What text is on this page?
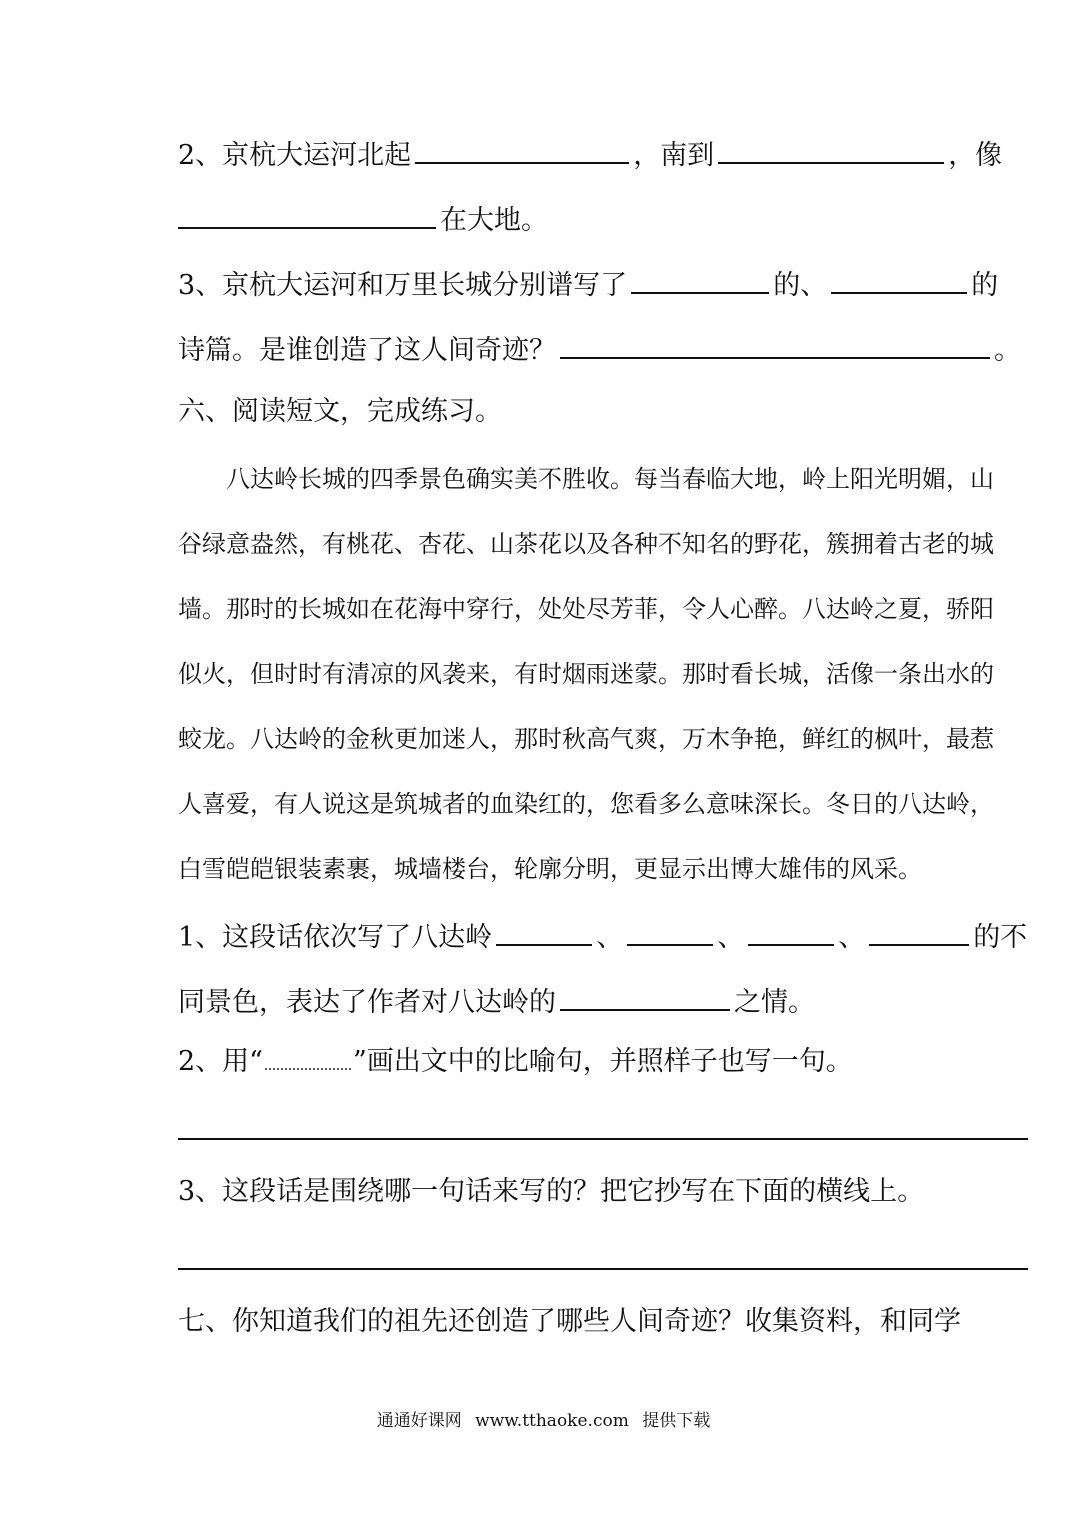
2、京杭大运河北起	，南到	，像
在大地。
3、京杭大运河和万里长城分别谱写了	的、	的
诗篇。是谁创造了这人间奇迹？	。
六、阅读短文，完成练习。
八达岭长城的四季景色确实美不胜收。每当春临大地，岭上阳光明媚，山
谷绿意盎然，有桃花、杏花、山茶花以及各种不知名的野花，簇拥着古老的城
墙。那时的长城如在花海中穿行，处处尽芳菲，令人心醉。八达岭之夏，骄阳
似火，但时时有清凉的风袭来，有时烟雨迷蒙。那时看长城，活像一条出水的
蛟龙。八达岭的金秋更加迷人，那时秋高气爽，万木争艳，鲜红的枫叶，最惹
人喜爱，有人说这是筑城者的血染红的，您看多么意味深长。冬日的八达岭，
白雪皑皑银装素裹，城墙楼台，轮廓分明，更显示出博大雄伟的风采。
1、这段话依次写了八达岭	、	、	、	的不
同景色，表达了作者对八达岭的	之情。
2、用“	”画出文中的比喻句，并照样子也写一句。
3、这段话是围绕哪一句话来写的？把它抄写在下面的横线上。
七、你知道我们的祖先还创造了哪些人间奇迹？收集资料，和同学
通通好课网 www.tthaoke.com 提供下载
